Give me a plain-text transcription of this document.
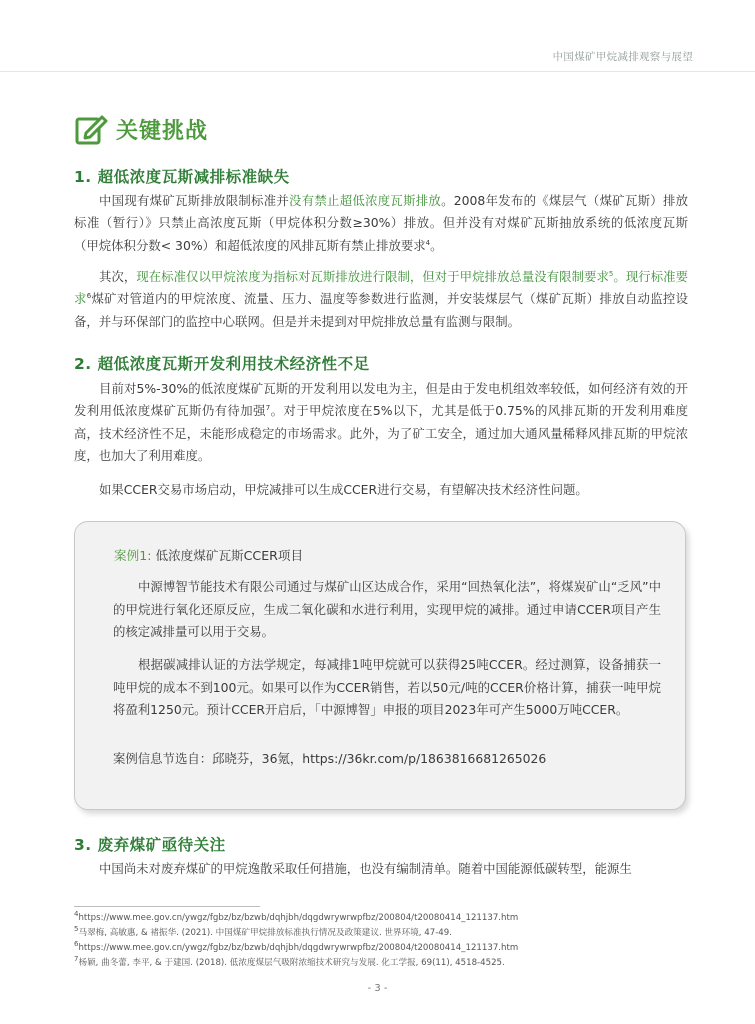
中国煤矿甲烷减排观察与展望
关键挑战
1. 超低浓度瓦斯减排标准缺失
中国现有煤矿瓦斯排放限制标准并没有禁止超低浓度瓦斯排放。2008年发布的《煤层气（煤矿瓦斯）排放标准（暂行）》只禁止高浓度瓦斯（甲烷体积分数≥30%）排放。但并没有对煤矿瓦斯抽放系统的低浓度瓦斯（甲烷体积分数< 30%）和超低浓度的风排瓦斯有禁止排放要求$^4$。
其次，现在标准仅以甲烷浓度为指标对瓦斯排放进行限制，但对于甲烷排放总量没有限制要求$^5$。现行标准要求$^6$煤矿对管道内的甲烷浓度、流量、压力、温度等参数进行监测，并安装煤层气（煤矿瓦斯）排放自动监控设备，并与环保部门的监控中心联网。但是并未提到对甲烷排放总量有监测与限制。
2. 超低浓度瓦斯开发利用技术经济性不足
目前对5%-30%的低浓度煤矿瓦斯的开发利用以发电为主，但是由于发电机组效率较低，如何经济有效的开发利用低浓度煤矿瓦斯仍有待加强$^7$。对于甲烷浓度在5%以下，尤其是低于0.75%的风排瓦斯的开发利用难度高，技术经济性不足，未能形成稳定的市场需求。此外，为了矿工安全，通过加大通风量稀释风排瓦斯的甲烷浓度，也加大了利用难度。
如果CCER交易市场启动，甲烷减排可以生成CCER进行交易，有望解决技术经济性问题。
案例1: 低浓度煤矿瓦斯CCER项目
中源博智节能技术有限公司通过与煤矿山区达成合作，采用“回热氧化法”，将煤炭矿山“乏风”中的甲烷进行氧化还原反应，生成二氧化碳和水进行利用，实现甲烷的减排。通过申请CCER项目产生的核定减排量可以用于交易。
根据碳减排认证的方法学规定，每减排1吨甲烷就可以获得25吨CCER。经过测算，设备捕获一吨甲烷的成本不到100元。如果可以作为CCER销售，若以50元/吨的CCER价格计算，捕获一吨甲烷将盈利1250元。预计CCER开启后，「中源博智」申报的项目2023年可产生5000万吨CCER。
案例信息节选自：邱晓芬，36氪，https://36kr.com/p/1863816681265026
3. 废弃煤矿亟待关注
中国尚未对废弃煤矿的甲烷逸散采取任何措施，也没有编制清单。随着中国能源低碳转型，能源生
$^4$https://www.mee.gov.cn/ywgz/fgbz/bz/bzwb/dqhjbh/dqgdwrywrwpfbz/200804/t20080414_121137.htm
$^5$马翠梅, 高敏惠, & 褚振华. (2021). 中国煤矿甲烷排放标准执行情况及政策建议. 世界环境, 47-49.
$^6$https://www.mee.gov.cn/ywgz/fgbz/bz/bzwb/dqhjbh/dqgdwrywrwpfbz/200804/t20080414_121137.htm
$^7$杨颖, 曲冬蕾, 李平, & 于建国. (2018). 低浓度煤层气吸附浓缩技术研究与发展. 化工学报, 69(11), 4518-4525.
- 3 -
